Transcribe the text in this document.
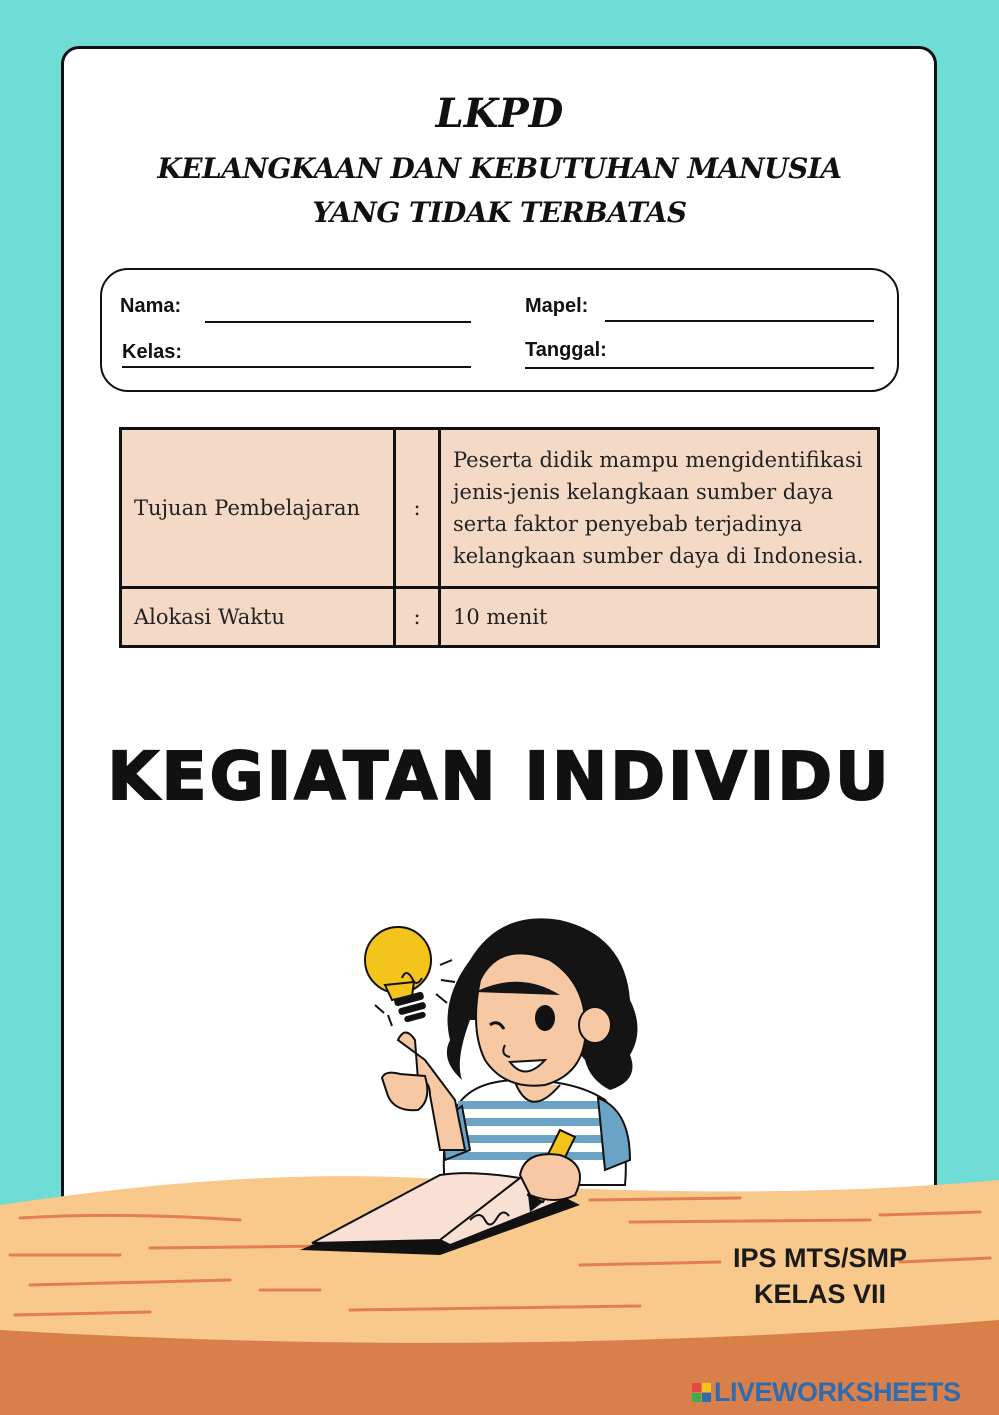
LKPD
KELANGKAAN DAN KEBUTUHAN MANUSIA
YANG TIDAK TERBATAS
Nama:
Kelas:
Mapel:
Tanggal:
Tujuan Pembelajaran	:	Peserta didik mampu mengidentifikasi jenis-jenis kelangkaan sumber daya serta faktor penyebab terjadinya kelangkaan sumber daya di Indonesia.
Alokasi Waktu	:	10 menit
KEGIATAN INDIVIDU
IPS MTS/SMP
KELAS VII
LIVEWORKSHEETS
